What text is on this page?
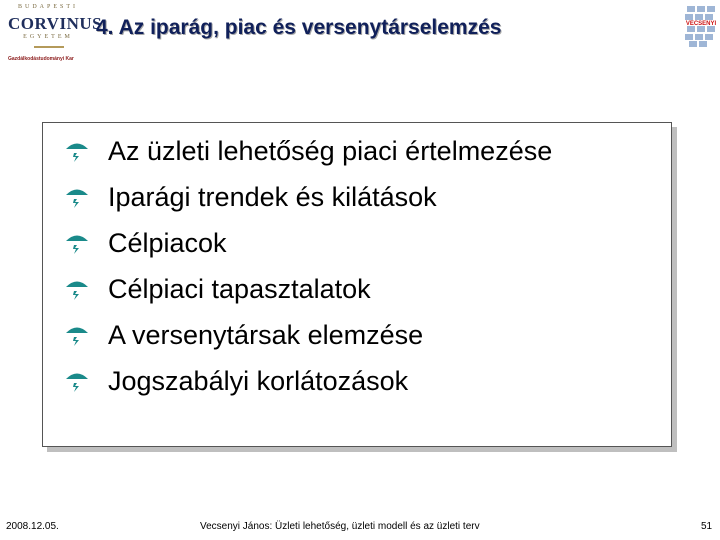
BUDAPESTI
CORVINUS
EGYETEM
Gazdálkodástudományi Kar
4. Az iparág, piac és versenytárselemzés	VECSENYI
Az üzleti lehetőség piaci értelmezése
Iparági trendek és kilátások
Célpiacok
Célpiaci tapasztalatok
A versenytársak elemzése
Jogszabályi korlátozások
2008.12.05.	Vecsenyi János: Üzleti lehetőség, üzleti modell és az üzleti terv	51
